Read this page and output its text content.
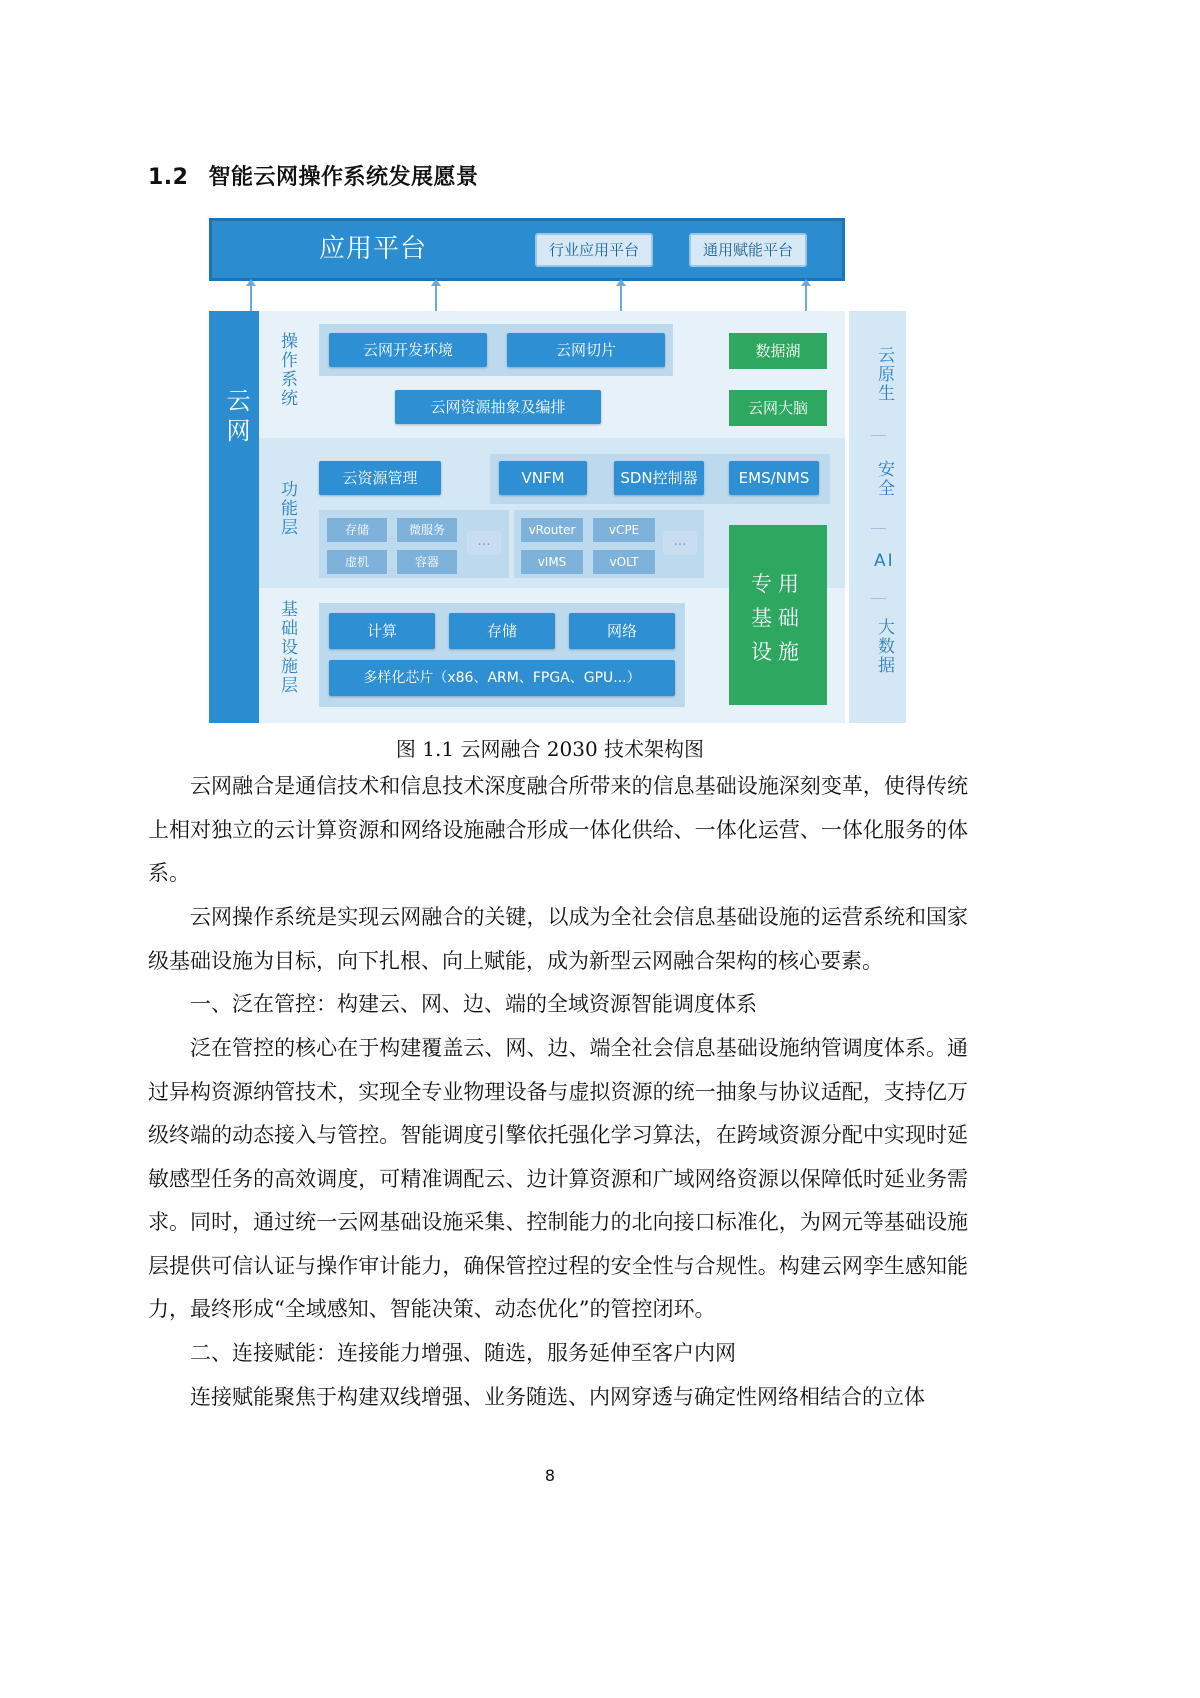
1.2 智能云网操作系统发展愿景
应用平台	行业应用平台	通用赋能平台
云网
操作系统
功能层
基础设施层
云网开发环境	云网切片
云网资源抽象及编排
数据湖
云网大脑
云资源管理	VNFM	SDN控制器	EMS/NMS
存储	微服务
虚机	容器
...
vRouter	vCPE
vIMS	vOLT
...
计算	存储	网络
多样化芯片（x86、ARM、FPGA、GPU...）
专用基础设施
云原生
安全
AI
大数据
图 1.1 云网融合 2030 技术架构图
云网融合是通信技术和信息技术深度融合所带来的信息基础设施深刻变革，使得传统上相对独立的云计算资源和网络设施融合形成一体化供给、一体化运营、一体化服务的体系。
云网操作系统是实现云网融合的关键，以成为全社会信息基础设施的运营系统和国家级基础设施为目标，向下扎根、向上赋能，成为新型云网融合架构的核心要素。
一、泛在管控：构建云、网、边、端的全域资源智能调度体系
泛在管控的核心在于构建覆盖云、网、边、端全社会信息基础设施纳管调度体系。通过异构资源纳管技术，实现全专业物理设备与虚拟资源的统一抽象与协议适配，支持亿万级终端的动态接入与管控。智能调度引擎依托强化学习算法，在跨域资源分配中实现时延敏感型任务的高效调度，可精准调配云、边计算资源和广域网络资源以保障低时延业务需求。同时，通过统一云网基础设施采集、控制能力的北向接口标准化，为网元等基础设施层提供可信认证与操作审计能力，确保管控过程的安全性与合规性。构建云网孪生感知能力，最终形成“全域感知、智能决策、动态优化”的管控闭环。
二、连接赋能：连接能力增强、随选，服务延伸至客户内网
连接赋能聚焦于构建双线增强、业务随选、内网穿透与确定性网络相结合的立体
8
